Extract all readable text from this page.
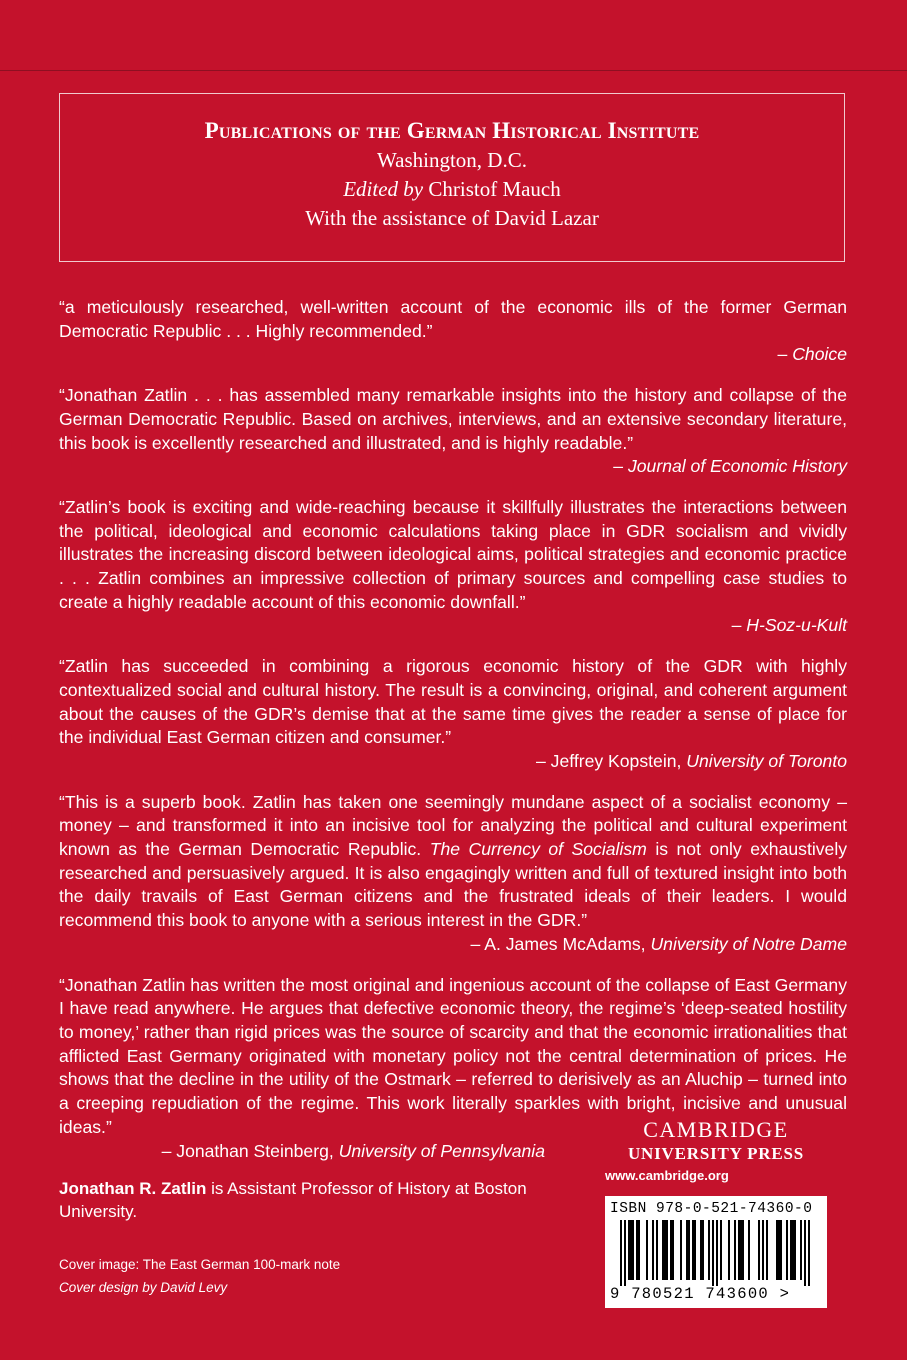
Publications of the German Historical Institute
Washington, D.C.
Edited by Christof Mauch
With the assistance of David Lazar

“a meticulously researched, well-written account of the economic ills of the former German Democratic Republic . . . Highly recommended.”

– Choice

“Jonathan Zatlin . . . has assembled many remarkable insights into the history and collapse of the German Democratic Republic. Based on archives, interviews, and an extensive secondary literature, this book is excellently researched and illustrated, and is highly readable.”

– Journal of Economic History

“Zatlin’s book is exciting and wide-reaching because it skillfully illustrates the interactions between the political, ideological and economic calculations taking place in GDR socialism and vividly illustrates the increasing discord between ideological aims, political strategies and economic practice . . . Zatlin combines an impressive collection of primary sources and compelling case studies to create a highly readable account of this economic downfall.”

– H-Soz-u-Kult

“Zatlin has succeeded in combining a rigorous economic history of the GDR with highly contextualized social and cultural history. The result is a convincing, original, and coherent argument about the causes of the GDR’s demise that at the same time gives the reader a sense of place for the individual East German citizen and consumer.”

– Jeffrey Kopstein, University of Toronto

“This is a superb book. Zatlin has taken one seemingly mundane aspect of a socialist economy – money – and transformed it into an incisive tool for analyzing the political and cultural experiment known as the German Democratic Republic. The Currency of Socialism is not only exhaustively researched and persuasively argued. It is also engagingly written and full of textured insight into both the daily travails of East German citizens and the frustrated ideals of their leaders. I would recommend this book to anyone with a serious interest in the GDR.”

– A. James McAdams, University of Notre Dame

“Jonathan Zatlin has written the most original and ingenious account of the collapse of East Germany I have read anywhere. He argues that defective economic theory, the regime’s ‘deep-seated hostility to money,’ rather than rigid prices was the source of scarcity and that the economic irrationalities that afflicted East Germany originated with monetary policy not the central determination of prices. He shows that the decline in the utility of the Ostmark – referred to derisively as an Aluchip – turned into a creeping repudiation of the regime. This work literally sparkles with bright, incisive and unusual ideas.”

– Jonathan Steinberg, University of Pennsylvania
Jonathan R. Zatlin is Assistant Professor of History at Boston University.
Cover image: The East German 100-mark note
Cover design by David Levy
cambridge
UNIVERSITY PRESS
www.cambridge.org
ISBN 978-0-521-74360-0
9 780521 743600 >
